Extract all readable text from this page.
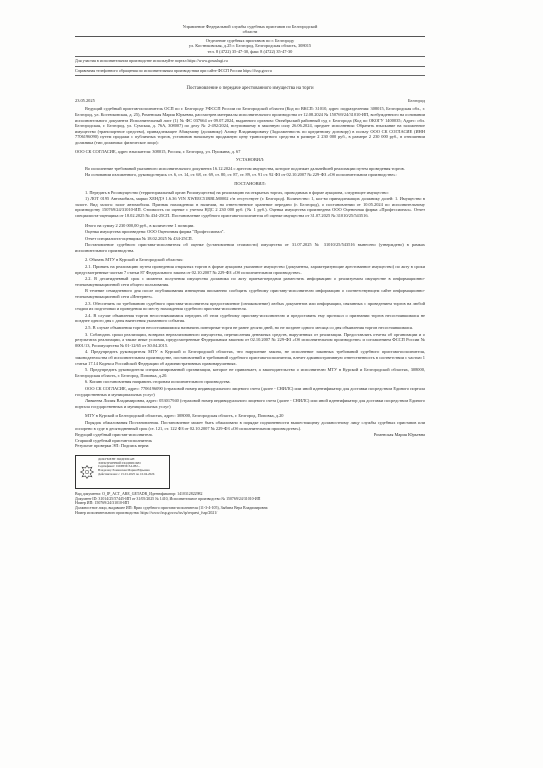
Управление Федеральной службы судебных приставов по Белгородской
области
Отделение судебных приставов по г. Белгороду
ул. Костюковская, д.25 г. Белгород, Белгородская область, 308015
тел. 8 (4722) 35-47-30, факс 8 (4722) 35-47-30
Для участия в исполнительном производстве используйте портал https://www.gosuslugi.ru
Справочная телефонного обращения по исполнительным производствам при сайте ФССП России https://fssp.gov.ru
Постановление о передаче арестованного имущества на торги
23.05.2025	Белгород
Ведущий судебный пристав-исполнитель ОСП по г. Белгороду УФССП России по Белгородской области (Код по ВКСП: 31010, адрес подразделения: 308015, Белгородская обл., г. Белгород, ул. Костюковская, д. 25), Роменская Мария Юрьевна, рассмотрев материалы исполнительного производства от 12.08.2024 № 150769/24/31010-ИП, возбужденного на основании исполнительного документа Исполнительный лист (1) № ФС 037664 от 09.07.2024, выданного органом: Октябрьский районный суд г. Белгорода (Код по ОКОГУ 1400035; Адрес: обл. Белгородская, г. Белгород, ул. Сумская, д. 76А, 308007) по делу № 2-492/2024, вступившему в законную силу 26.06.2024, предмет исполнения: Обратить взыскание на заложенное имущество (транспортное средство), принадлежащее Абакумову (должнику) Алиму Владимировичу (Задолженность по кредитному договору) в пользу ООО СК СОГЛАСИЕ (ИНН 7706196090) путем продажи с публичных торгов, установив начальную продажную цену транспортного средства в размере 2 230 000 руб., в размере 2 230 000 руб., в отношении должника (тип должника: физическое лицо):
ООО СК СОГЛАСИЕ, адрес взыскателя: 308015, Россия, г. Белгород, ул. Пушкина, д. 67
УСТАНОВИЛ:
Во исполнение требований указанного исполнительного документа 16.12.2024 с арестом имущества, которое подлежит дальнейшей реализации путем проведения торгов.
На основании изложенного, руководствуясь ст. 6, ст. 14, ст. 68, ст. 69, ст. 80, ст. 87, ст. 89, ст. 91 ст. 92 ФЗ от 02.10.2007 № 229-ФЗ «Об исполнительном производстве»:
ПОСТАНОВИЛ:
1. Передать в Росимущество (территориальный орган Росимущества) на реализацию на открытых торгах, проводимых в форме аукциона, следующее имущество:
1) ЛОТ 0195 Автомобиль, марки ХЕНДЭ 1.6.36 VIN XWEEC51RBLM0002 г/н отсутствует (г. Белгород). Количество: 1, кол-во принадлежащих должнику долей: 1. Имущество в залоге. Вид залога: залог автомобиля. Признак нахождения: в наличии, на ответственное хранение передано (г. Белгород), о постановлении от 10.05.2024 по исполнительному производству 150769/24/31010-ИП. Стоимость по оценке с учетом НДС 2 230 000 руб. (№ 1 руб.). Оценка имущества произведена ООО Оценочная фирма «Профессионал». Отчет специалиста-оценщика от 18.02.2025 № 434-25СП. Постановление судебного пристава-исполнителя об оценке имущества от 31.07.2025 № 31010/25/543516.
Итого на сумму 2 230 000,00 руб., в количестве 1 позиции.
Оценка имущества произведена: ООО Оценочная фирма "Профессионал".
Отчет специалиста-оценщика № 18.02.2025 № 434-25СП.
Постановление судебного пристава-исполнителя об оценке (установлении стоимости) имущества от 31.07.2025 № 31010/25/543516 вынесено (утверждено) в рамках исполнительного производства.
2. Обязать МТУ в Курской и Белгородской областях:
2.1. Принять на реализацию путем проведения открытых торгов в форме аукциона указанное имущество (документы, характеризующие арестованное имущество) по акту в сроки предусмотренные частью 7 статьи 87 Федерального закона от 02.10.2007 № 229-ФЗ «Об исполнительном производстве».
2.2. В десятидневный срок с момента получения имущества должника по акту приема-передачи разместить информацию о реализуемом имуществе в информационно-телекоммуникационной сети общего пользования.
В течение семидневного дня после опубликования извещения письменно сообщить судебному приставу-исполнителю информацию о соответствующем сайте информационно-телекоммуникационной сети «Интернет».
2.3. Обеспечить по требованию судебного пристава-исполнителя предоставление (ознакомление) любых документов или информации, связанных с проведением торгов на любой стадии их подготовки и проведения по месту нахождения судебного пристава-исполнителя.
2.4. В случае объявления торгов несостоявшимися передать об этом судебному приставу-исполнителю и предоставить ему протокол о признании торгов несостоявшимися не позднее одного дня с даты вынесения указанного события.
2.5. В случае объявления торгов несостоявшимися назначить повторные торги не ранее десяти дней, но не позднее одного месяца со дня объявления торгов несостоявшимися.
3. Соблюдать сроки реализации, возврата нереализованного имущества, перечисления денежных средств, вырученных от реализации. Предоставлять отчеты об организации и о результатах реализации, а также иные условия, предусмотренные Федеральным законом от 02.10.2007 № 229-ФЗ «Об исполнительном производстве» и соглашением ФССП России № 0001/13, Росимущества № 01-12/65 от 30.04.2015.
4. Предупредить руководителя МТУ в Курской и Белгородской областях, что нарушение закона, не исполнение законных требований судебного пристава-исполнителя, законодательства об исполнительном производстве, постановлений и требований судебного пристава-исполнителя, влечет административную ответственность в соответствии с частью 1 статьи 17.14 Кодекса Российской Федерации об административных правонарушениях.
5. Предупредить руководителя специализированной организации, которое не привлекает, а законодательство о исполнителю МТУ в Курской и Белгородской областях, 308000, Белгородская область, г. Белгород, Поповка, д.20.
6. Копию постановления направить сторонам исполнительного производства.
ООО СК СОГЛАСИЕ, адрес: 7706196090 (страховой номер индивидуального лицевого счета (далее - СНИЛС) или иной идентификатор для доставки посредством Единого портала государственных и муниципальных услуг)
Ливкеева Лилия Владимировна, адрес: 053017940 (страховой номер индивидуального лицевого счета (далее - СНИЛС) или иной идентификатор для доставки посредством Единого портала государственных и муниципальных услуг)
МТУ в Курской и Белгородской областях, адрес: 308000, Белгородская область, г. Белгород, Поповка, д.20
Порядок обжалования Постановления. Постановление может быть обжаловано в порядке подчиненности вышестоящему должностному лицу службы судебных приставов или оспорено в суде в десятидневный срок (ст. 121, ст. 122 ФЗ от 02.10.2007 № 229-ФЗ «Об исполнительном производстве»).
Ведущий судебный пристав-исполнитель
Старший судебный пристав-исполнитель
Результат проверки ЭП: Подпись верна
Роменская Мария Юрьевна
ДОКУМЕНТ ПОДПИСАН
ЭЛЕКТРОННОЙ ПОДПИСЬЮ
Сертификат: 01D8E0C3A1B2...
Владелец: Роменская Мария Юрьевна
Действителен: с 15.01.2025 по 10.04.2026
Вид документа: O_IP_ACT_ARE_GETADR_Идентификатор: 1410312822982
Документ ID: 31014/25/57445-ИП от 31/05/2025 № 1410, Исполнительное производство № 150769/24/31010-ИП
Номер ИП: 150769/24/31010-ИП
Должностное лицо, выдавшее ИП: Врио судебного пристава-исполнителя (11-3-4-105), Зыбина Вера Владимировна
Номер исполнительного производства: https://www.fssp.gov.ru/iss/ip/request_fssp/2021/
